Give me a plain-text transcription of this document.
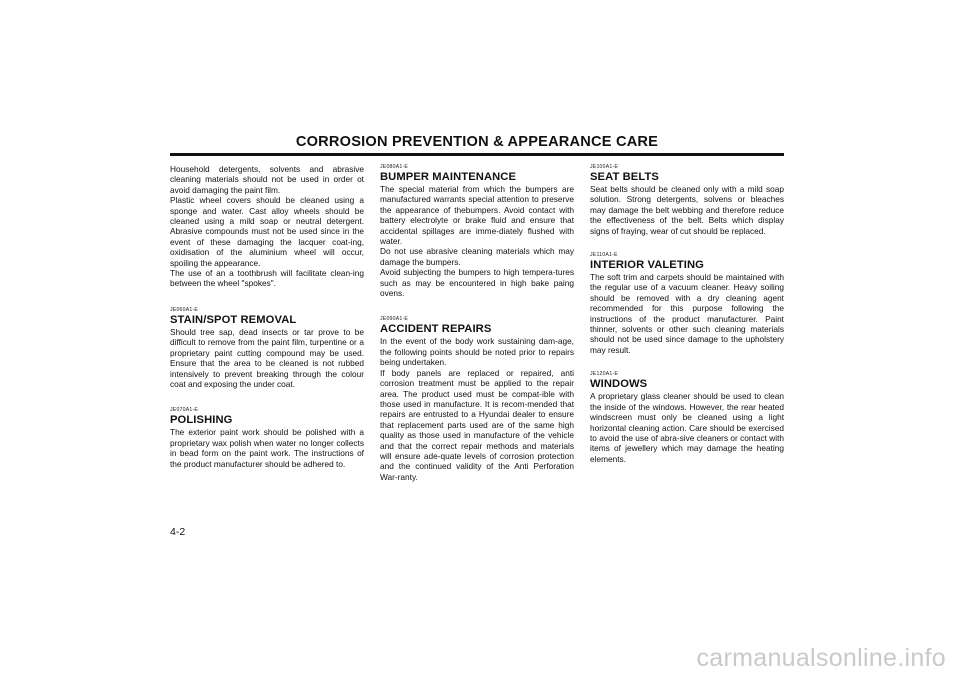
CORROSION PREVENTION & APPEARANCE CARE

Household detergents, solvents and abrasive cleaning materials should not be used in order ot avoid damaging the paint film.
Plastic wheel covers should be cleaned using a sponge and water. Cast alloy wheels should be cleaned using a mild soap or neutral detergent. Abrasive compounds must not be used since in the event of these damaging the lacquer coat-ing, oxidisation of the aluminium wheel will occur, spoiling the appearance.
The use of an a toothbrush will facilitate clean-ing between the wheel "spokes".

JE060A1-E

STAIN/SPOT REMOVAL

Should tree sap, dead insects or tar prove to be difficult to remove from the paint film, turpentine or a proprietary paint cutting compound may be used. Ensure that the area to be cleaned is not rubbed intensively to prevent breaking through the colour coat and exposing the under coat.

JE070A1-E

POLISHING

The exterior paint work should be polished with a proprietary wax polish when water no longer collects in bead form on the paint work. The instructions of the product manufacturer should be adhered to.

JE080A1-E

BUMPER MAINTENANCE

The special material from which the bumpers are manufactured warrants special attention to preserve the appearance of thebumpers. Avoid contact with battery electrolyte or brake fluid and ensure that accidental spillages are imme-diately flushed with water.
Do not use abrasive cleaning materials which may damage the bumpers.
Avoid subjecting the bumpers to high tempera-tures such as may be encountered in high bake paing ovens.

JE090A1-E

ACCIDENT REPAIRS

In the event of the body work sustaining dam-age, the following points should be noted prior to repairs being undertaken.
If body panels are replaced or repaired, anti corrosion treatment must be applied to the repair area. The product used must be compat-ible with those used in manufacture. It is recom-mended that repairs are entrusted to a Hyundai dealer to ensure that replacement parts used are of the same high quality as those used in manufacture of the vehicle and that the correct repair methods and materials will ensure ade-quate levels of corrosion protection and the continued validity of the Anti Perforation War-ranty.

JE100A1-E

SEAT BELTS

Seat belts should be cleaned only with a mild soap solution. Strong detergents, solvens or bleaches may damage the belt webbing and therefore reduce the effectiveness of the belt. Belts which display signs of fraying, wear of cut should be replaced.

JE110A1-E

INTERIOR VALETING

The soft trim and carpets should be maintained with the regular use of a vacuum cleaner. Heavy soiling should be removed with a dry cleaning agent recommended for this purpose following the instructions of the product manufacturer. Paint thinner, solvents or other such cleaning materials should not be used since damage to the upholstery may result.

JE120A1-E

WINDOWS

A proprietary glass cleaner should be used to clean the inside of the windows. However, the rear heated windscreen must only be cleaned using a light horizontal cleaning action. Care should be exercised to avoid the use of abra-sive cleaners or contact with items of jewellery which may damage the heating elements.

4-2
carmanualsonline.info
